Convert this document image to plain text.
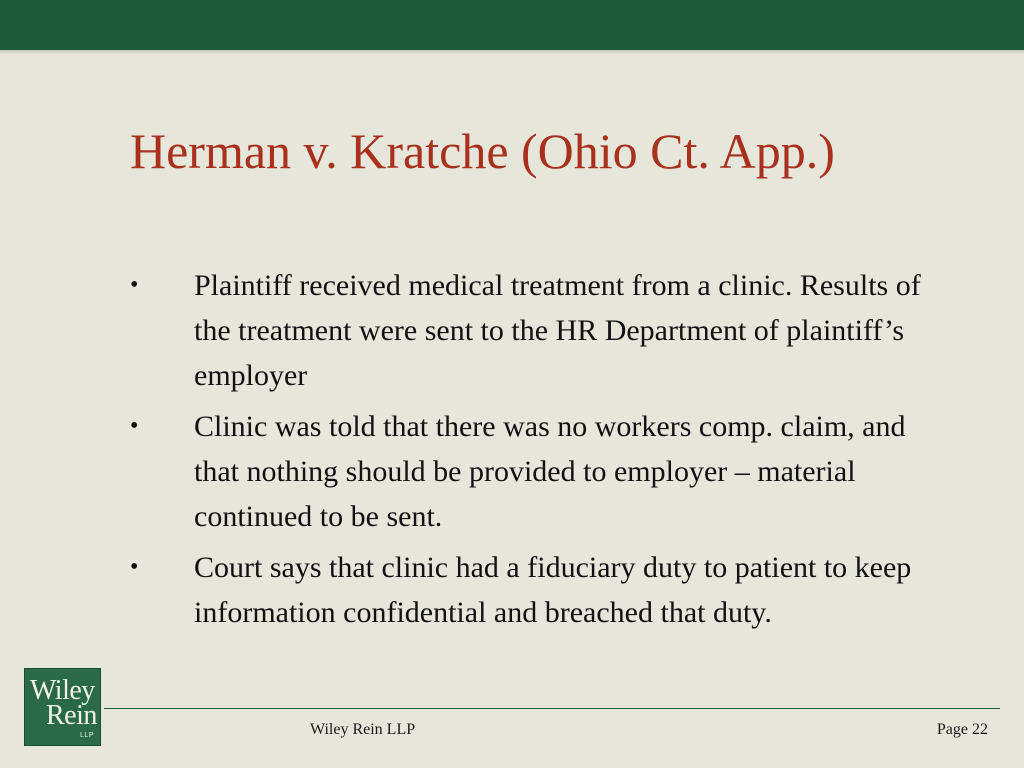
Herman v. Kratche (Ohio Ct. App.)
•	Plaintiff received medical treatment from a clinic. Results of the treatment were sent to the HR Department of plaintiff’s employer
•	Clinic was told that there was no workers comp. claim, and that nothing should be provided to employer – material continued to be sent.
•	Court says that clinic had a fiduciary duty to patient to keep information confidential and breached that duty.
Wiley
Rein
LLP	Wiley Rein LLP	Page 22
